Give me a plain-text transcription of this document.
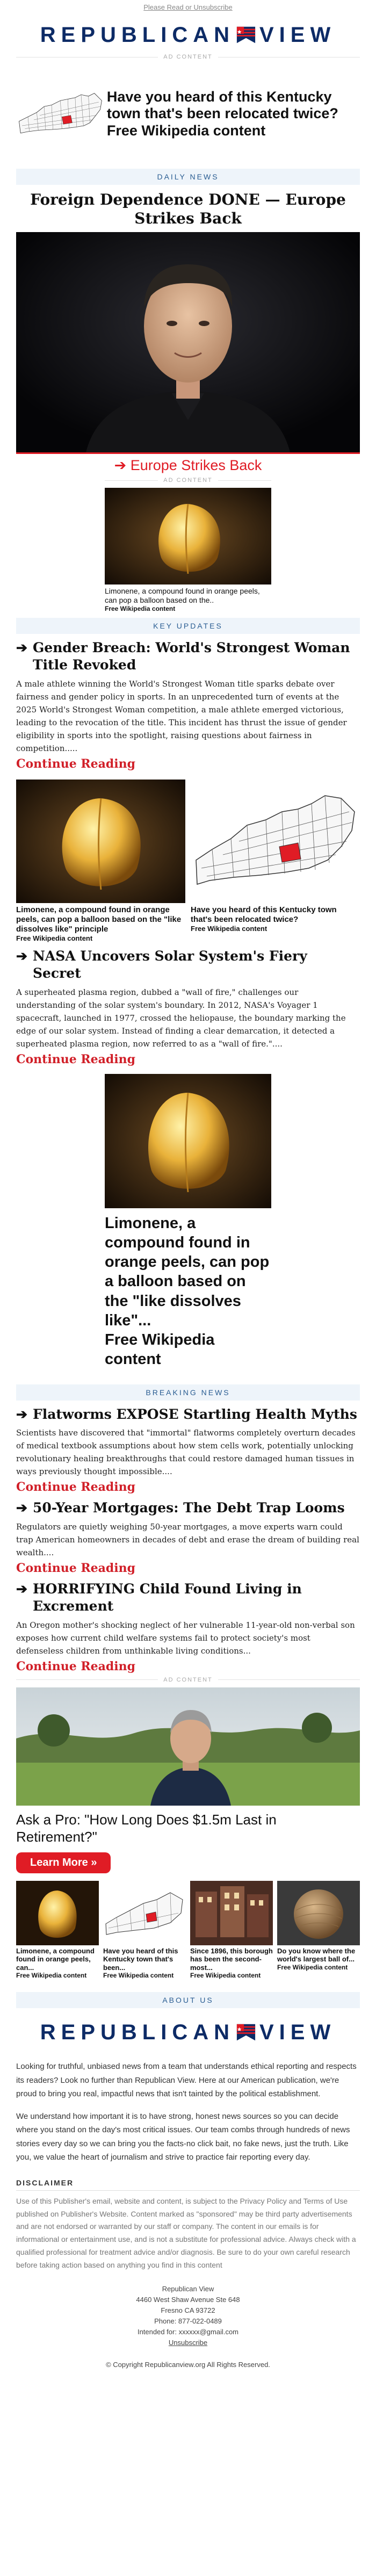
Please Read or Unsubscribe
REPUBLICAN VIEW
AD CONTENT
Have you heard of this Kentucky town that's been relocated twice?
Free Wikipedia content
DAILY NEWS
Foreign Dependence DONE — Europe Strikes Back
➔ Europe Strikes Back
AD CONTENT
Limonene, a compound found in orange peels, can pop a balloon based on the..
Free Wikipedia content
KEY UPDATES
➔ Gender Breach: World's Strongest Woman Title Revoked

A male athlete winning the World's Strongest Woman title sparks debate over fairness and gender policy in sports. In an unprecedented turn of events at the 2025 World's Strongest Woman competition, a male athlete emerged victorious, leading to the revocation of the title. This incident has thrust the issue of gender eligibility in sports into the spotlight, raising questions about fairness in competition.....

Continue Reading
Limonene, a compound found in orange peels, can pop a balloon based on the "like dissolves like" principle
Free Wikipedia content
Have you heard of this Kentucky town that's been relocated twice?
Free Wikipedia content
➔ NASA Uncovers Solar System's Fiery Secret

A superheated plasma region, dubbed a "wall of fire," challenges our understanding of the solar system's boundary. In 2012, NASA's Voyager 1 spacecraft, launched in 1977, crossed the heliopause, the boundary marking the edge of our solar system. Instead of finding a clear demarcation, it detected a superheated plasma region, now referred to as a "wall of fire."....

Continue Reading
Limonene, a compound found in orange peels, can pop a balloon based on the "like dissolves like"...
Free Wikipedia content
BREAKING NEWS
➔ Flatworms EXPOSE Startling Health Myths

Scientists have discovered that "immortal" flatworms completely overturn decades of medical textbook assumptions about how stem cells work, potentially unlocking revolutionary healing breakthroughs that could restore damaged human tissues in ways previously thought impossible....

Continue Reading
➔ 50-Year Mortgages: The Debt Trap Looms

Regulators are quietly weighing 50-year mortgages, a move experts warn could trap American homeowners in decades of debt and erase the dream of building real wealth....

Continue Reading
➔ HORRIFYING Child Found Living in Excrement

An Oregon mother's shocking neglect of her vulnerable 11-year-old non-verbal son exposes how current child welfare systems fail to protect society's most defenseless children from unthinkable living conditions...

Continue Reading
AD CONTENT
Ask a Pro: "How Long Does $1.5m Last in Retirement?"
Learn More »
Limonene, a compound found in orange peels, can...
Free Wikipedia content
Have you heard of this Kentucky town that's been...
Free Wikipedia content
Since 1896, this borough has been the second-most...
Free Wikipedia content
Do you know where the world's largest ball of...
Free Wikipedia content
ABOUT US
REPUBLICAN VIEW

Looking for truthful, unbiased news from a team that understands ethical reporting and respects its readers? Look no further than Republican View. Here at our American publication, we're proud to bring you real, impactful news that isn't tainted by the political establishment.

We understand how important it is to have strong, honest news sources so you can decide where you stand on the day's most critical issues. Our team combs through hundreds of news stories every day so we can bring you the facts-no click bait, no fake news, just the truth. Like you, we value the heart of journalism and strive to practice fair reporting every day.

DISCLAIMER
Use of this Publisher's email, website and content, is subject to the Privacy Policy and Terms of Use published on Publisher's Website. Content marked as "sponsored" may be third party advertisements and are not endorsed or warranted by our staff or company. The content in our emails is for informational or entertainment use, and is not a substitute for professional advice. Always check with a qualified professional for treatment advice and/or diagnosis. Be sure to do your own careful research before taking action based on anything you find in this content
Republican View
4460 West Shaw Avenue Ste 648
Fresno CA 93722
Phone: 877-022-0489
Intended for: xxxxxx@gmail.com
Unsubscribe
© Copyright Republicanview.org All Rights Reserved.
